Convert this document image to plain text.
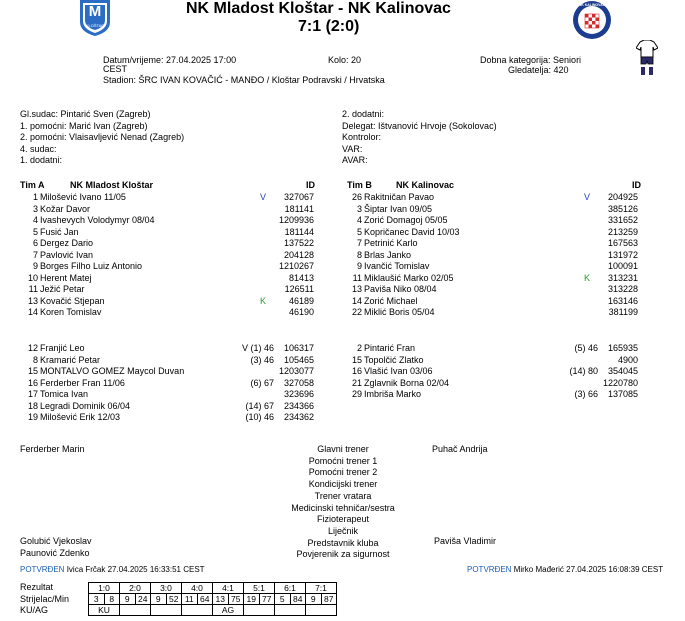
M
KLOŠTAR
NK KALINOVAC
NK Mladost Kloštar - NK Kalinovac
7:1 (2:0)
Datum/vrijeme: 27.04.2025 17:00
CEST
Kolo: 20	Dobna kategorija: Seniori
Gledatelja: 420
Stadion: ŠRC IVAN KOVAČIĆ - MANĐO / Kloštar Podravski / Hrvatska
Gl.sudac: Pintarić Sven (Zagreb)
1. pomoćni: Marić Ivan (Zagreb)
2. pomoćni: Vlaisavljević Nenad (Zagreb)
4. sudac:
1. dodatni:
2. dodatni:
Delegat: Ištvanović Hrvoje (Sokolovac)
Kontrolor:
VAR:
AVAR:
Tim A	NK Mladost Kloštar	ID	Tim B	NK Kalinovac	ID
1 Milošević Ivano 11/05	V	327067
3 Kožar Davor	181141
4 Ivashevych Volodymyr 08/04	1209936
5 Fusić Jan	181144
6 Dergez Dario	137522
7 Pavlović Ivan	204128
9 Borges Filho Luiz Antonio	1210267
10 Herent Matej	81413
11 Ježić Petar	126511
13 Kovačić Stjepan	K	46189
14 Koren Tomislav	46190
12 Franjić Leo	V (1) 46	106317
8 Kramarić Petar	(3) 46	105465
15 MONTALVO GOMEZ Maycol Duvan	1203077
16 Ferderber Fran 11/06	(6) 67	327058
17 Tomica Ivan	323696
18 Legradi Dominik 06/04	(14) 67	234366
19 Milošević Erik 12/03	(10) 46	234362
26 Rakitničan Pavao	V	204925
3 Šiptar Ivan 09/05	385126
4 Zorić Domagoj 05/05	331652
5 Kopričanec David 10/03	213259
7 Petrinić Karlo	167563
8 Brlas Janko	131972
9 Ivančić Tomislav	100091
11 Miklaušić Marko 02/05	K	313231
13 Paviša Niko 08/04	313228
14 Zorić Michael	163146
22 Miklić Boris 05/04	381199
2 Pintarić Fran	(5) 46	165935
15 Topolčić Zlatko	4900
16 Vlašić Ivan 03/06	(14) 80	354045
21 Zglavnik Borna 02/04	1220780
29 Imbriša Marko	(3) 66	137085
Ferderber Marin	Puhač Andrija
Glavni trener
Pomoćni trener 1
Pomoćni trener 2
Kondicijski trener
Trener vratara
Medicinski tehničar/sestra
Fizioterapeut
Liječnik
Predstavnik kluba
Povjerenik za sigurnost
Golubić Vjekoslav
Paunović Zdenko
Paviša Vladimir
POTVRĐEN Ivica Frčak 27.04.2025 16:33:51 CEST	POTVRĐEN Mirko Mađerić 27.04.2025 16:08:39 CEST
Rezultat
Strijelac/Min
KU/AG
1:0		2:0		3:0		4:0		4:1		5:1		6:1		7:1	
3	8	9	24	9	52	11	64	13	75	19	77	5	84	9	87
KU								AG							
